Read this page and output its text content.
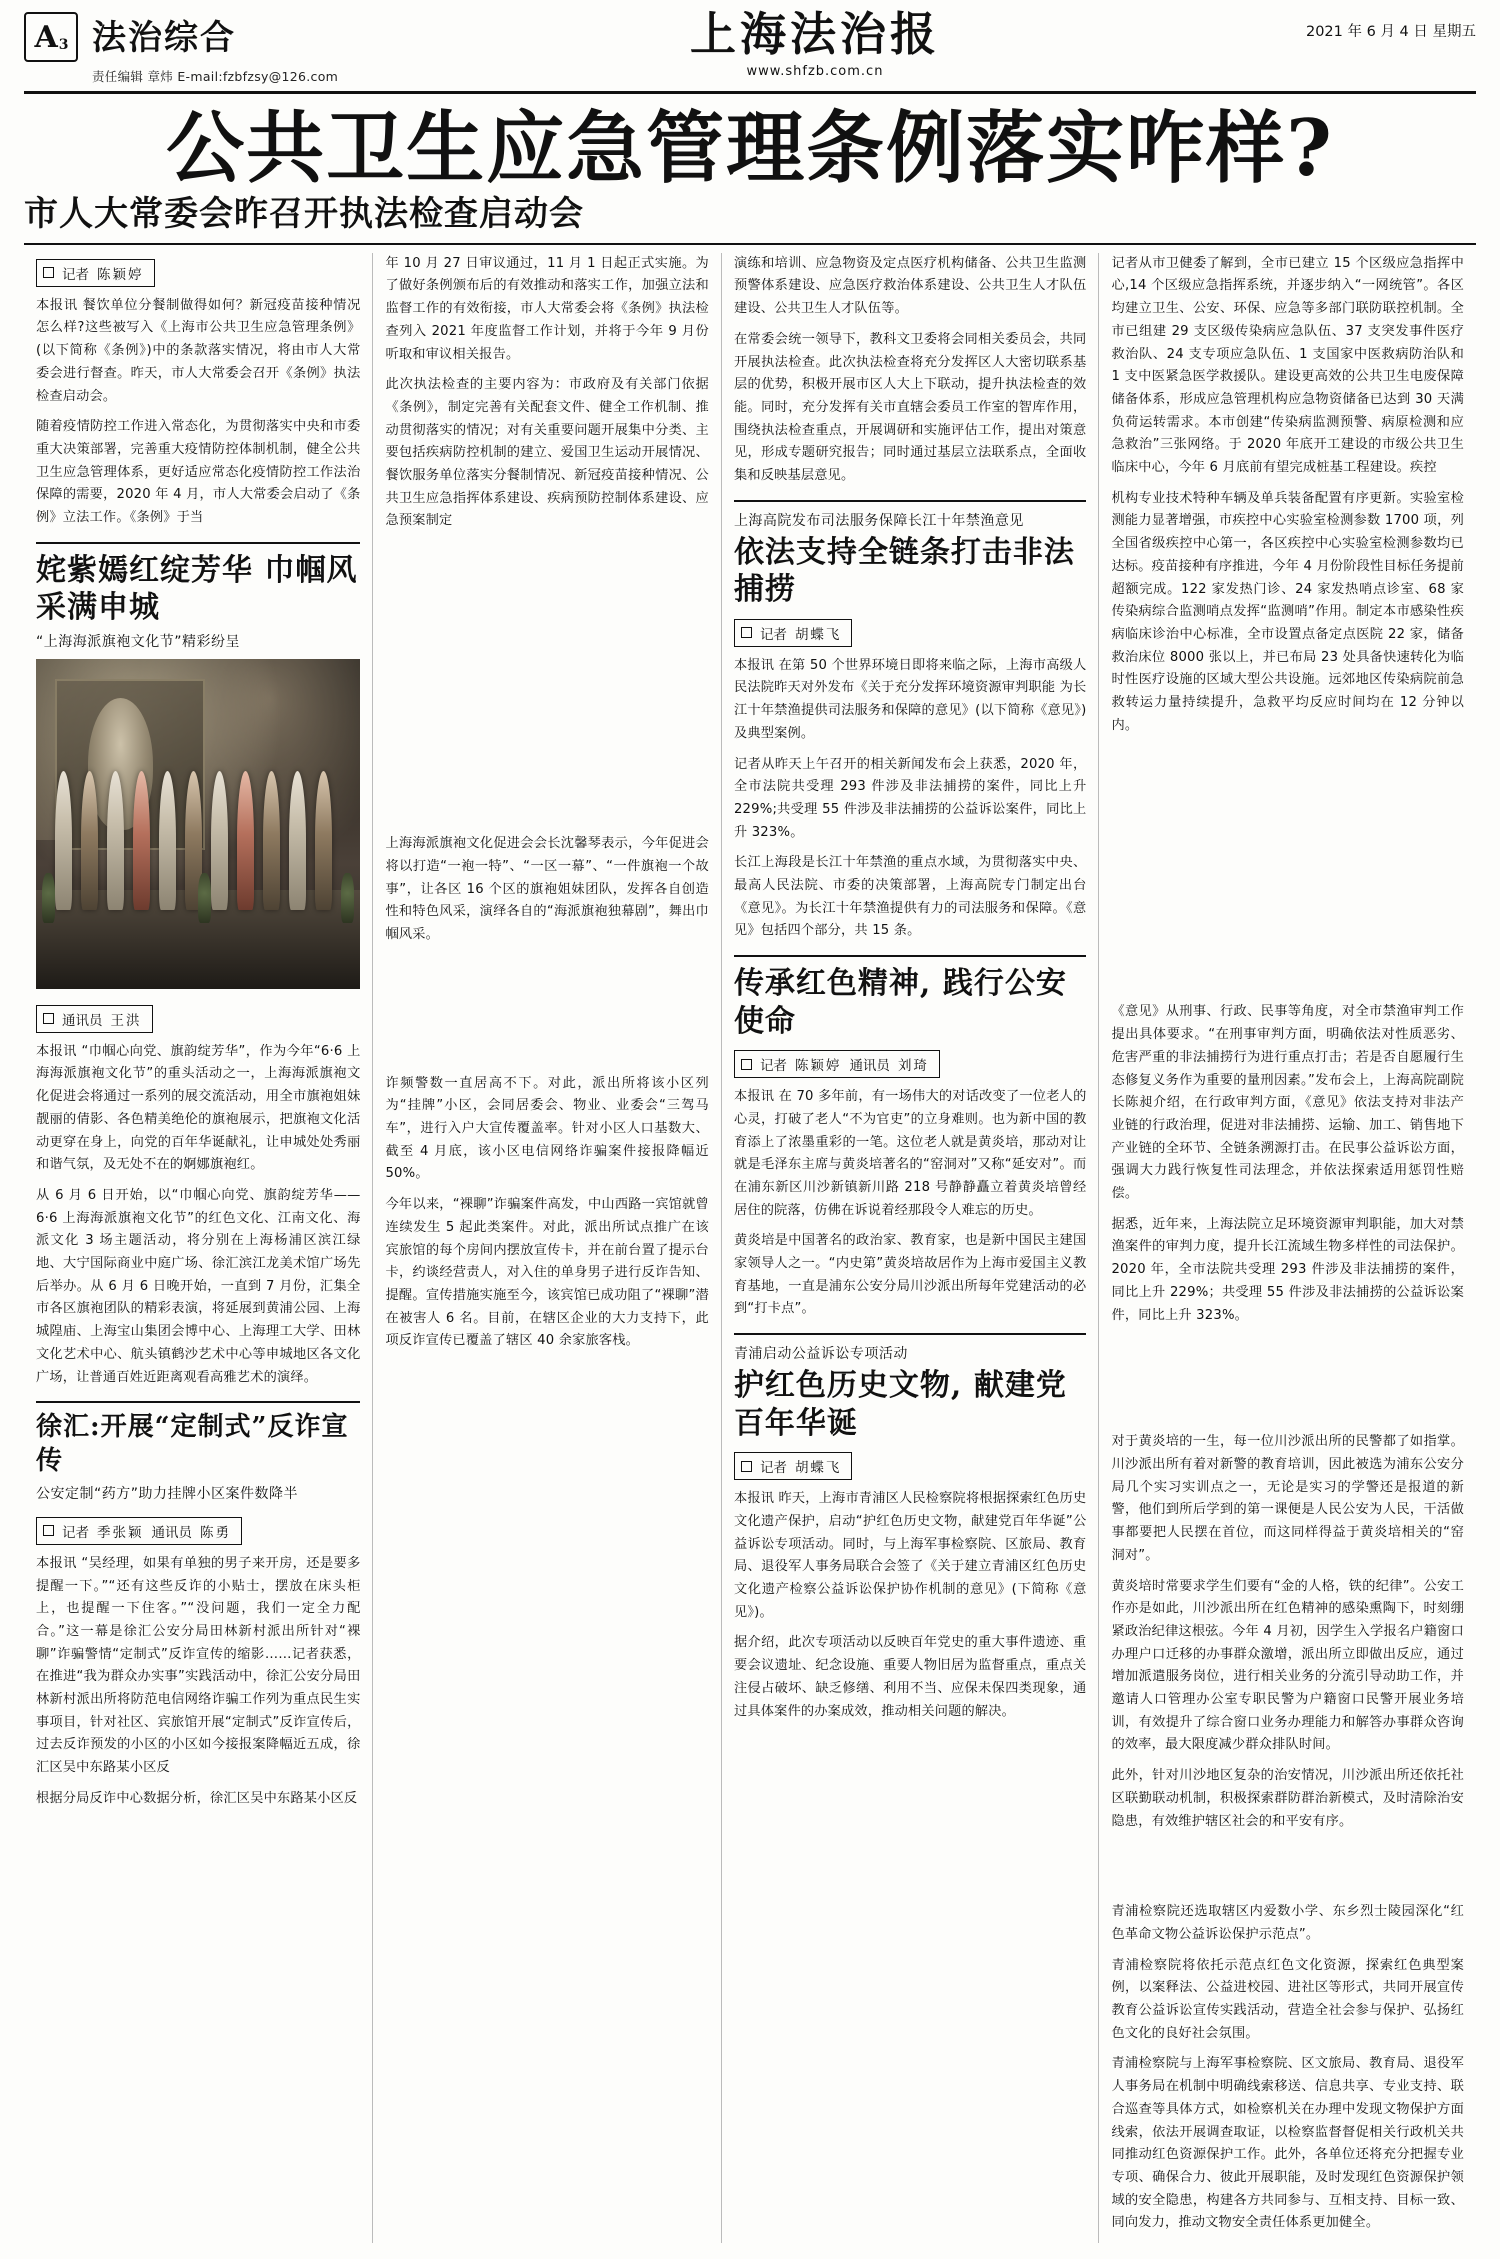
A 3 法治综合
责任编辑 章炜 E-mail:fzbfzsy@126.com
上海法治报
www.shfzb.com.cn
2021 年 6 月 4 日 星期五
公共卫生应急管理条例落实咋样?
市人大常委会昨召开执法检查启动会
记者 陈颖婷

本报讯 餐饮单位分餐制做得如何？新冠疫苗接种情况怎么样?这些被写入《上海市公共卫生应急管理条例》(以下简称《条例》)中的条款落实情况，将由市人大常委会进行督查。昨天，市人大常委会召开《条例》执法检查启动会。

随着疫情防控工作进入常态化，为贯彻落实中央和市委重大决策部署，完善重大疫情防控体制机制，健全公共卫生应急管理体系，更好适应常态化疫情防控工作法治保障的需要，2020 年 4 月，市人大常委会启动了《条例》立法工作。《条例》于当

姹紫嫣红绽芳华 巾帼风采满申城
“上海海派旗袍文化节”精彩纷呈
通讯员 王洪

本报讯 “巾帼心向党、旗韵绽芳华”，作为今年“6·6 上海海派旗袍文化节”的重头活动之一，上海海派旗袍文化促进会将通过一系列的展交流活动，用全市旗袍姐妹靓丽的倩影、各色精美绝伦的旗袍展示，把旗袍文化活动更穿在身上，向党的百年华诞献礼，让申城处处秀丽和谐气氛，及无处不在的婀娜旗袍红。

从 6 月 6 日开始，以“巾帼心向党、旗韵绽芳华——6·6 上海海派旗袍文化节”的红色文化、江南文化、海派文化 3 场主题活动，将分别在上海杨浦区滨江绿地、大宁国际商业中庭广场、徐汇滨江龙美术馆广场先后举办。从 6 月 6 日晚开始，一直到 7 月份，汇集全市各区旗袍团队的精彩表演，将延展到黄浦公园、上海城隍庙、上海宝山集团会博中心、上海理工大学、田林文化艺术中心、航头镇鹤沙艺术中心等申城地区各文化广场，让普通百姓近距离观看高雅艺术的演绎。

徐汇:开展“定制式”反诈宣传
公安定制“药方”助力挂牌小区案件数降半
记者 季张颖 通讯员 陈勇

本报讯 “吴经理，如果有单独的男子来开房，还是要多提醒一下。”“还有这些反诈的小贴士，摆放在床头柜上，也提醒一下住客。”“没问题，我们一定全力配合。”这一幕是徐汇公安分局田林新村派出所针对“裸聊”诈骗警情“定制式”反诈宣传的缩影……记者获悉，在推进“我为群众办实事”实践活动中，徐汇公安分局田林新村派出所将防范电信网络诈骗工作列为重点民生实事项目，针对社区、宾旅馆开展“定制式”反诈宣传后，过去反诈预发的小区的小区如今接报案降幅近五成，徐汇区吴中东路某小区反

根据分局反诈中心数据分析，徐汇区吴中东路某小区反

年 10 月 27 日审议通过，11 月 1 日起正式实施。为了做好条例颁布后的有效推动和落实工作，加强立法和监督工作的有效衔接，市人大常委会将《条例》执法检查列入 2021 年度监督工作计划，并将于今年 9 月份听取和审议相关报告。

此次执法检查的主要内容为：市政府及有关部门依据《条例》，制定完善有关配套文件、健全工作机制、推动贯彻落实的情况；对有关重要问题开展集中分类、主要包括疾病防控机制的建立、爱国卫生运动开展情况、餐饮服务单位落实分餐制情况、新冠疫苗接种情况、公共卫生应急指挥体系建设、疾病预防控制体系建设、应急预案制定

上海海派旗袍文化促进会会长沈馨琴表示，今年促进会将以打造“一袍一特”、“一区一幕”、“一件旗袍一个故事”，让各区 16 个区的旗袍姐妹团队，发挥各自创造性和特色风采，演绎各自的“海派旗袍独幕剧”，舞出巾帼风采。

诈频警数一直居高不下。对此，派出所将该小区列为“挂牌”小区，会同居委会、物业、业委会“三驾马车”，进行入户大宣传覆盖率。针对小区人口基数大、截至 4 月底，该小区电信网络诈骗案件接报降幅近 50%。

今年以来，“裸聊”诈骗案件高发，中山西路一宾馆就曾连续发生 5 起此类案件。对此，派出所试点推广在该宾旅馆的每个房间内摆放宣传卡，并在前台置了提示台卡，约谈经营责人，对入住的单身男子进行反诈告知、提醒。宣传措施实施至今，该宾馆已成功阻了“裸聊”潜在被害人 6 名。目前，在辖区企业的大力支持下，此项反诈宣传已覆盖了辖区 40 余家旅客栈。

演练和培训、应急物资及定点医疗机构储备、公共卫生监测预警体系建设、应急医疗救治体系建设、公共卫生人才队伍建设、公共卫生人才队伍等。

在常委会统一领导下，教科文卫委将会同相关委员会，共同开展执法检查。此次执法检查将充分发挥区人大密切联系基层的优势，积极开展市区人大上下联动，提升执法检查的效能。同时，充分发挥有关市直辖会委员工作室的智库作用，围绕执法检查重点，开展调研和实施评估工作，提出对策意见，形成专题研究报告；同时通过基层立法联系点，全面收集和反映基层意见。

上海高院发布司法服务保障长江十年禁渔意见
依法支持全链条打击非法捕捞
记者 胡蝶飞

本报讯 在第 50 个世界环境日即将来临之际，上海市高级人民法院昨天对外发布《关于充分发挥环境资源审判职能 为长江十年禁渔提供司法服务和保障的意见》(以下简称《意见》)及典型案例。

记者从昨天上午召开的相关新闻发布会上获悉，2020 年，全市法院共受理 293 件涉及非法捕捞的案件，同比上升 229%;共受理 55 件涉及非法捕捞的公益诉讼案件，同比上升 323%。

长江上海段是长江十年禁渔的重点水域，为贯彻落实中央、最高人民法院、市委的决策部署，上海高院专门制定出台《意见》。为长江十年禁渔提供有力的司法服务和保障。《意见》包括四个部分，共 15 条。

传承红色精神, 践行公安使命
记者 陈颖婷 通讯员 刘琦

本报讯 在 70 多年前，有一场伟大的对话改变了一位老人的心灵，打破了老人“不为官吏”的立身难则。也为新中国的教育添上了浓墨重彩的一笔。这位老人就是黄炎培，那动对让就是毛泽东主席与黄炎培著名的“窑洞对”又称“延安对”。而在浦东新区川沙新镇新川路 218 号静静矗立着黄炎培曾经居住的院落，仿佛在诉说着经那段令人难忘的历史。

黄炎培是中国著名的政治家、教育家，也是新中国民主建国家领导人之一。“内史第”黄炎培故居作为上海市爱国主义教育基地，一直是浦东公安分局川沙派出所每年党建活动的必到“打卡点”。

青浦启动公益诉讼专项活动
护红色历史文物, 献建党百年华诞
记者 胡蝶飞

本报讯 昨天，上海市青浦区人民检察院将根据探索红色历史文化遗产保护，启动“护红色历史文物，献建党百年华诞”公益诉讼专项活动。同时，与上海军事检察院、区旅局、教育局、退役军人事务局联合会签了《关于建立青浦区红色历史文化遗产检察公益诉讼保护协作机制的意见》(下简称《意见》)。

据介绍，此次专项活动以反映百年党史的重大事件遗迹、重要会议遗址、纪念设施、重要人物旧居为监督重点，重点关注侵占破坏、缺乏修缮、利用不当、应保未保四类现象，通过具体案件的办案成效，推动相关问题的解决。

记者从市卫健委了解到，全市已建立 15 个区级应急指挥中心,14 个区级应急指挥系统，并逐步纳入“一网统管”。各区均建立卫生、公安、环保、应急等多部门联防联控机制。全市已组建 29 支区级传染病应急队伍、37 支突发事件医疗救治队、24 支专项应急队伍、1 支国家中医救病防治队和 1 支中医紧急医学救援队。建设更高效的公共卫生电废保障储备体系，形成应急管理机构应急物资储备已达到 30 天满负荷运转需求。本市创建“传染病监测预警、病原检测和应急救治”三张网络。于 2020 年底开工建设的市级公共卫生临床中心，今年 6 月底前有望完成桩基工程建设。疾控

机构专业技术特种车辆及单兵装备配置有序更新。实验室检测能力显著增强，市疾控中心实验室检测参数 1700 项，列全国省级疾控中心第一，各区疾控中心实验室检测参数均已达标。疫苗接种有序推进，今年 4 月份阶段性目标任务提前超额完成。122 家发热门诊、24 家发热哨点诊室、68 家传染病综合监测哨点发挥“监测哨”作用。制定本市感染性疾病临床诊治中心标准，全市设置点备定点医院 22 家，储备救治床位 8000 张以上，并已布局 23 处具备快速转化为临时性医疗设施的区域大型公共设施。远郊地区传染病院前急救转运力量持续提升，急救平均反应时间均在 12 分钟以内。

《意见》从刑事、行政、民事等角度，对全市禁渔审判工作提出具体要求。“在刑事审判方面，明确依法对性质恶劣、危害严重的非法捕捞行为进行重点打击；若是否自愿履行生态修复义务作为重要的量刑因素。”发布会上，上海高院副院长陈昶介绍，在行政审判方面，《意见》依法支持对非法产业链的行政治理，促进对非法捕捞、运输、加工、销售地下产业链的全环节、全链条溯源打击。在民事公益诉讼方面，强调大力践行恢复性司法理念，并依法探索适用惩罚性赔偿。

据悉，近年来，上海法院立足环境资源审判职能，加大对禁渔案件的审判力度，提升长江流域生物多样性的司法保护。2020 年，全市法院共受理 293 件涉及非法捕捞的案件，同比上升 229%；共受理 55 件涉及非法捕捞的公益诉讼案件，同比上升 323%。

对于黄炎培的一生，每一位川沙派出所的民警都了如指掌。川沙派出所有着对新警的教育培训，因此被选为浦东公安分局几个实习实训点之一，无论是实习的学警还是报道的新警，他们到所后学到的第一课便是人民公安为人民，干活做事都要把人民摆在首位，而这同样得益于黄炎培相关的“窑洞对”。

黄炎培时常要求学生们要有“金的人格，铁的纪律”。公安工作亦是如此，川沙派出所在红色精神的感染熏陶下，时刻绷紧政治纪律这根弦。今年 4 月初，因学生入学报名户籍窗口办理户口迁移的办事群众激增，派出所立即做出反应，通过增加派遣服务岗位，进行相关业务的分流引导动助工作，并邀请人口管理办公室专职民警为户籍窗口民警开展业务培训，有效提升了综合窗口业务办理能力和解答办事群众咨询的效率，最大限度减少群众排队时间。

此外，针对川沙地区复杂的治安情况，川沙派出所还依托社区联勤联动机制，积极探索群防群治新模式，及时清除治安隐患，有效维护辖区社会的和平安有序。

青浦检察院还选取辖区内爱数小学、东乡烈士陵园深化“红色革命文物公益诉讼保护示范点”。

青浦检察院将依托示范点红色文化资源，探索红色典型案例，以案释法、公益进校园、进社区等形式，共同开展宣传教育公益诉讼宣传实践活动，营造全社会参与保护、弘扬红色文化的良好社会氛围。

青浦检察院与上海军事检察院、区文旅局、教育局、退役军人事务局在机制中明确线索移送、信息共享、专业支持、联合巡查等具体方式，如检察机关在办理中发现文物保护方面线索，依法开展调查取证，以检察监督督促相关行政机关共同推动红色资源保护工作。此外，各单位还将充分把握专业专项、确保合力、彼此开展职能，及时发现红色资源保护领域的安全隐患，构建各方共同参与、互相支持、目标一致、同向发力，推动文物安全责任体系更加健全。
